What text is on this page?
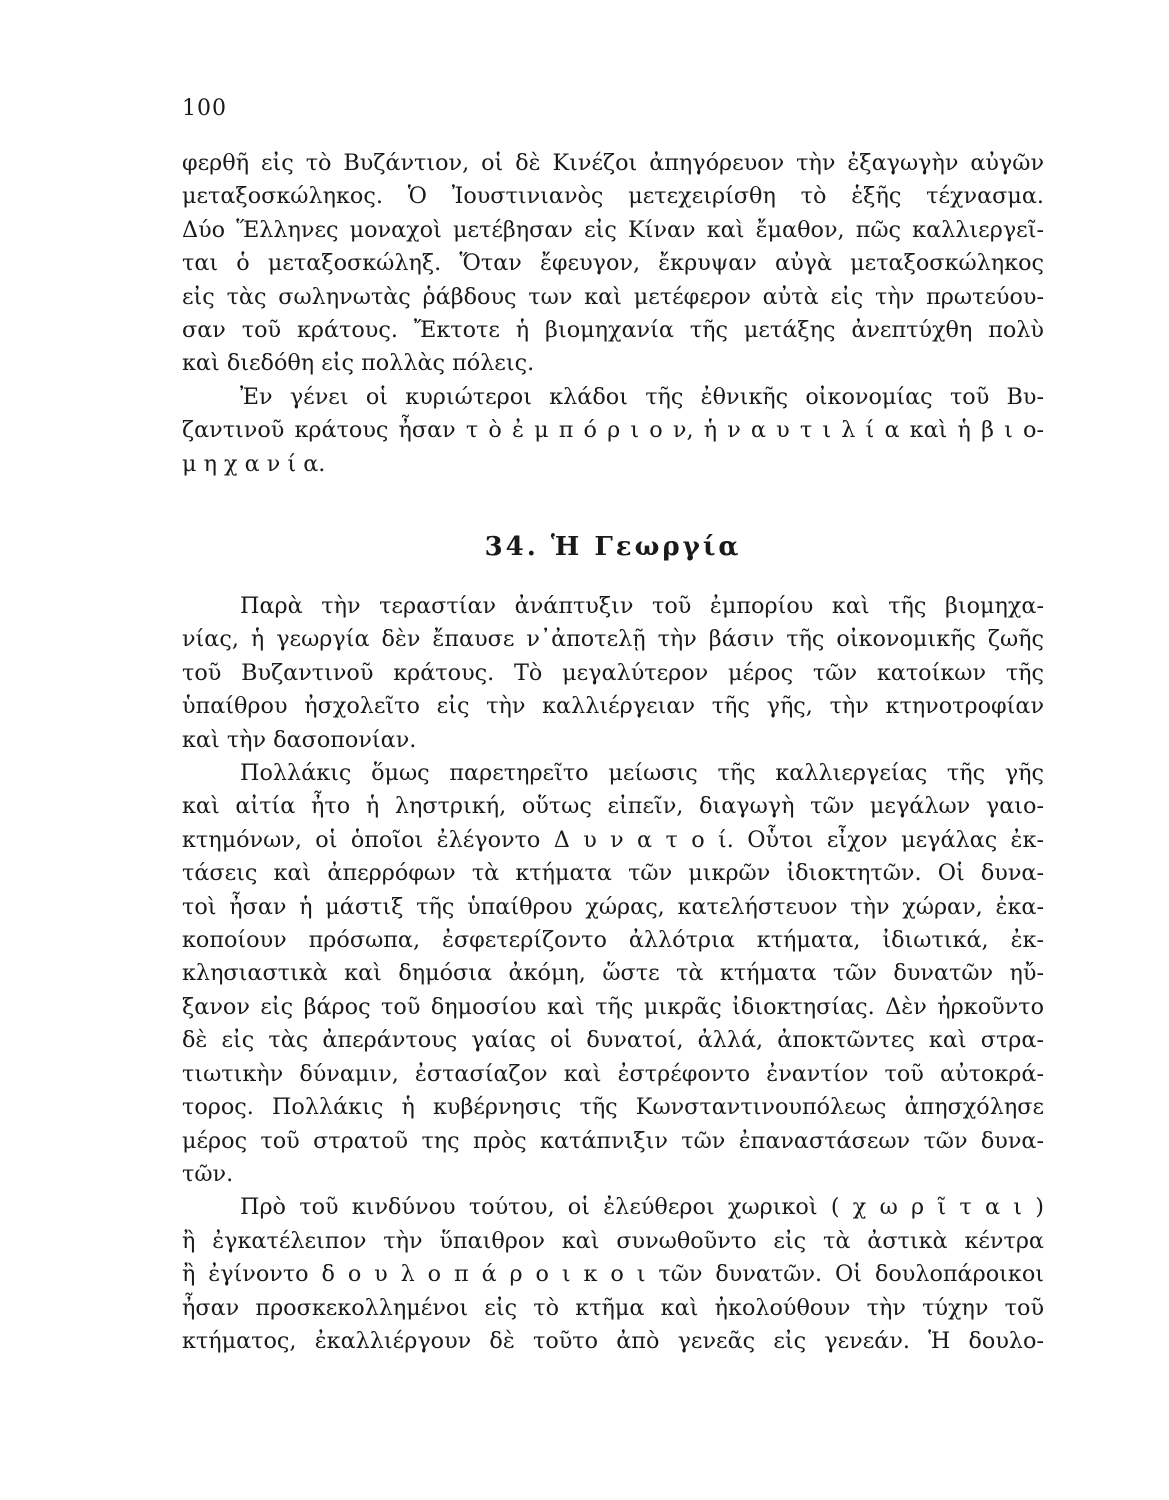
100
φερθῆ εἰς τὸ Βυζάντιον, οἱ δὲ Κινέζοι ἀπηγόρευον τὴν ἐξαγωγὴν αὐγῶν
μεταξοσκώληκος. Ὁ Ἰουστινιανὸς μετεχειρίσθη τὸ ἑξῆς τέχνασμα.
Δύο Ἕλληνες μοναχοὶ μετέβησαν εἰς Κίναν καὶ ἔμαθον, πῶς καλλιεργεῖ-
ται ὁ μεταξοσκώληξ. Ὅταν ἔφευγον, ἔκρυψαν αὐγὰ μεταξοσκώληκος
εἰς τὰς σωληνωτὰς ῥάβδους των καὶ μετέφερον αὐτὰ εἰς τὴν πρωτεύου-
σαν τοῦ κράτους. Ἔκτοτε ἡ βιομηχανία τῆς μετάξης ἀνεπτύχθη πολὺ
καὶ διεδόθη εἰς πολλὰς πόλεις.
Ἐν γένει οἱ κυριώτεροι κλάδοι τῆς ἐθνικῆς οἰκονομίας τοῦ Βυ-
ζαντινοῦ κράτους ἦσαν τ ὸ ἐ μ π ό ρ ι ο ν, ἡ ν α υ τ ι λ ί α καὶ ἡ β ι ο-
μ η χ α ν ί α.
34. Ἡ Γεωργία
Παρὰ τὴν τεραστίαν ἀνάπτυξιν τοῦ ἐμπορίου καὶ τῆς βιομηχα-
νίας, ἡ γεωργία δὲν ἔπαυσε ν᾿ἀποτελῇ τὴν βάσιν τῆς οἰκονομικῆς ζωῆς
τοῦ Βυζαντινοῦ κράτους. Τὸ μεγαλύτερον μέρος τῶν κατοίκων τῆς
ὑπαίθρου ἠσχολεῖτο εἰς τὴν καλλιέργειαν τῆς γῆς, τὴν κτηνοτροφίαν
καὶ τὴν δασοπονίαν.
Πολλάκις ὅμως παρετηρεῖτο μείωσις τῆς καλλιεργείας τῆς γῆς
καὶ αἰτία ἦτο ἡ ληστρική, οὕτως εἰπεῖν, διαγωγὴ τῶν μεγάλων γαιο-
κτημόνων, οἱ ὁποῖοι ἐλέγοντο Δ υ ν α τ ο ί. Οὗτοι εἶχον μεγάλας ἐκ-
τάσεις καὶ ἀπερρόφων τὰ κτήματα τῶν μικρῶν ἰδιοκτητῶν. Οἱ δυνα-
τοὶ ἦσαν ἡ μάστιξ τῆς ὑπαίθρου χώρας, κατελήστευον τὴν χώραν, ἐκα-
κοποίουν πρόσωπα, ἐσφετερίζοντο ἀλλότρια κτήματα, ἰδιωτικά, ἐκ-
κλησιαστικὰ καὶ δημόσια ἀκόμη, ὥστε τὰ κτήματα τῶν δυνατῶν ηὔ-
ξανον εἰς βάρος τοῦ δημοσίου καὶ τῆς μικρᾶς ἰδιοκτησίας. Δὲν ἠρκοῦντο
δὲ εἰς τὰς ἀπεράντους γαίας οἱ δυνατοί, ἀλλά, ἀποκτῶντες καὶ στρα-
τιωτικὴν δύναμιν, ἐστασίαζον καὶ ἐστρέφοντο ἐναντίον τοῦ αὐτοκρά-
τορος. Πολλάκις ἡ κυβέρνησις τῆς Κωνσταντινουπόλεως ἀπησχόλησε
μέρος τοῦ στρατοῦ της πρὸς κατάπνιξιν τῶν ἐπαναστάσεων τῶν δυνα-
τῶν.
Πρὸ τοῦ κινδύνου τούτου, οἱ ἐλεύθεροι χωρικοὶ ( χ ω ρ ῖ τ α ι )
ἢ ἐγκατέλειπον τὴν ὕπαιθρον καὶ συνωθοῦντο εἰς τὰ ἀστικὰ κέντρα
ἢ ἐγίνοντο δ ο υ λ ο π ά ρ ο ι κ ο ι τῶν δυνατῶν. Οἱ δουλοπάροικοι
ἦσαν προσκεκολλημένοι εἰς τὸ κτῆμα καὶ ἠκολούθουν τὴν τύχην τοῦ
κτήματος, ἐκαλλιέργουν δὲ τοῦτο ἀπὸ γενεᾶς εἰς γενεάν. Ἡ δουλο-
